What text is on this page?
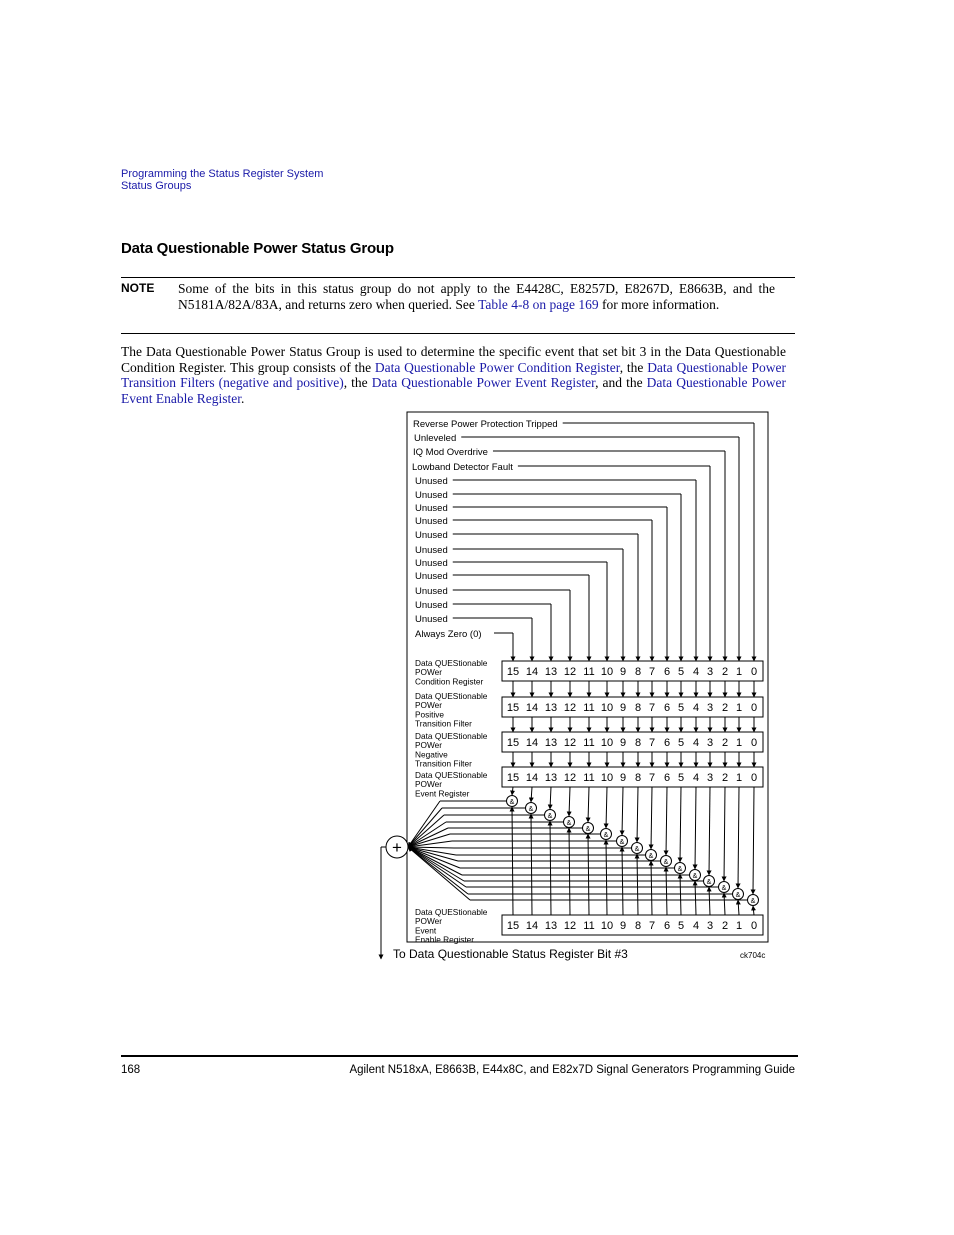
Programming the Status Register System
Status Groups
Data Questionable Power Status Group
NOTE Some of the bits in this status group do not apply to the E4428C, E8257D, E8267D, E8663B, and the N5181A/82A/83A, and returns zero when queried. See Table 4-8 on page 169 for more information.
The Data Questionable Power Status Group is used to determine the specific event that set bit 3 in the Data Questionable Condition Register. This group consists of the Data Questionable Power Condition Register, the Data Questionable Power Transition Filters (negative and positive), the Data Questionable Power Event Register, and the Data Questionable Power Event Enable Register.
Reverse Power Protection Tripped
Unleveled
IQ Mod Overdrive
Lowband Detector Fault
Unused
Unused
Unused
Unused
Unused
Unused
Unused
Unused
Unused
Unused
Unused
Always Zero (0)
15 14 13 12 11 10 9 8 7 6 5 4 3 2 1 0
Data QUEStionable
POWer
Condition Register
15 14 13 12 11 10 9 8 7 6 5 4 3 2 1 0
Data QUEStionable
POWer
Positive
Transition Filter
15 14 13 12 11 10 9 8 7 6 5 4 3 2 1 0
Data QUEStionable
POWer
Negative
Transition Filter
15 14 13 12 11 10 9 8 7 6 5 4 3 2 1 0
Data QUEStionable
POWer
Event Register
15 14 13 12 11 10 9 8 7 6 5 4 3 2 1 0
Data QUEStionable
POWer
Event
Enable Register
&
&
&
&
&
&
&
&
&
&
&
&
&
&
&
&
+
To Data Questionable Status Register Bit #3	ck704c
168	Agilent N518xA, E8663B, E44x8C, and E82x7D Signal Generators Programming Guide
